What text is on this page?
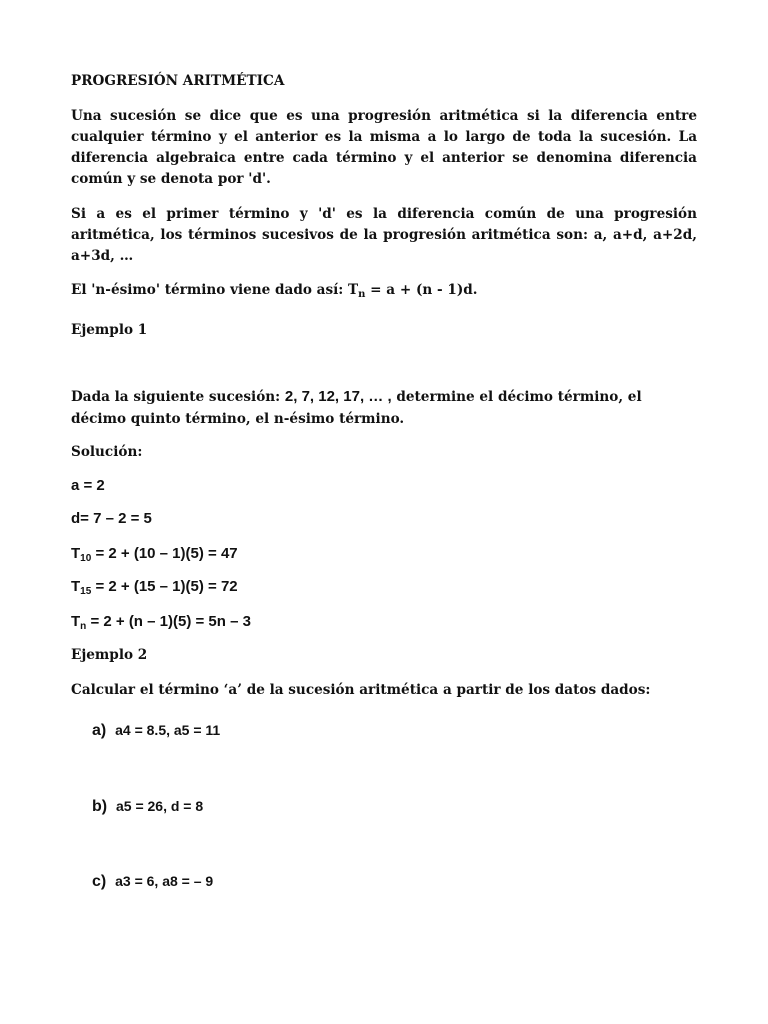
PROGRESIÓN ARITMÉTICA

Una sucesión se dice que es una progresión aritmética si la diferencia entre

cualquier término y el anterior es la misma a lo largo de toda la sucesión. La

diferencia algebraica entre cada término y el anterior se denomina diferencia

común y se denota por 'd'.

Si a es el primer término y 'd' es la diferencia común de una progresión

aritmética, los términos sucesivos de la progresión aritmética son: a, a+d, a+2d,

a+3d, …

El 'n-ésimo' término viene dado así: $T_n = a + (n - 1)d$.

Ejemplo 1

Dada la siguiente sucesión: 2, 7, 12, 17, … , determine el décimo término, el

décimo quinto término, el n-ésimo término.

Solución:

a = 2

d= 7 – 2 = 5

$T_{10} = 2 + (10 - 1)(5) = 47$

$T_{15} = 2 + (15 - 1)(5) = 72$

$T_n = 2 + (n - 1)(5) = 5n - 3$

Ejemplo 2

Calcular el término ‘a’ de la sucesión aritmética a partir de los datos dados:

a) a4 = 8.5, a5 = 11

b) a5 = 26, d = 8

c) a3 = 6, a8 = – 9
